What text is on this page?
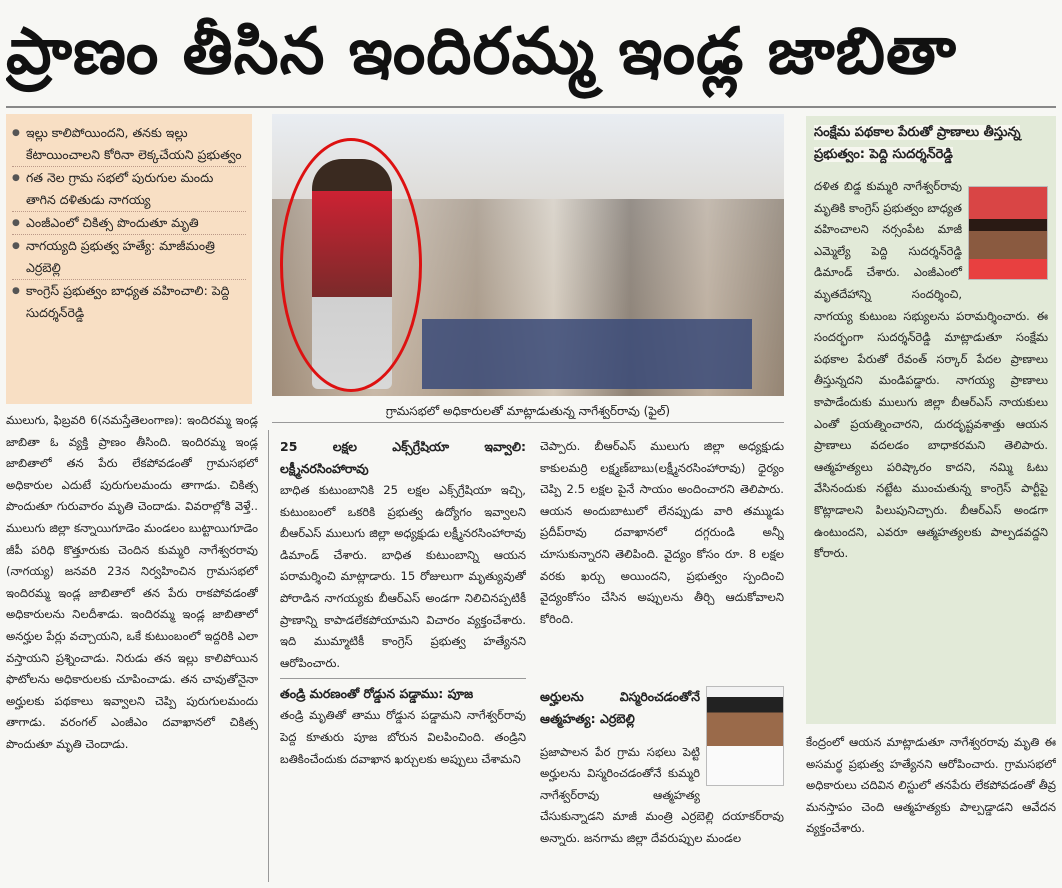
ప్రాణం తీసిన ఇందిరమ్మ ఇండ్ల జాబితా
● ఇల్లు కాలిపోయిందని, తనకు ఇల్లు కేటాయించాలని కోరినా లెక్కచేయని ప్రభుత్వం
● గత నెల గ్రామ సభలో పురుగుల మందు తాగిన దళితుడు నాగయ్య
● ఎంజీఎంలో చికిత్స పొందుతూ మృతి
● నాగయ్యది ప్రభుత్వ హత్యే: మాజీమంత్రి ఎర్రబెల్లి
● కాంగ్రెస్ ప్రభుత్వం బాధ్యత వహించాలి: పెద్ది సుదర్శన్‌రెడ్డి
గ్రామసభలో అధికారులతో మాట్లాడుతున్న నాగేశ్వర్‌రావు (ఫైల్)
సంక్షేమ పథకాల పేరుతో ప్రాణాలు తీస్తున్న ప్రభుత్వం: పెద్ది సుదర్శన్‌రెడ్డి
దళిత బిడ్డ కుమ్మరి నాగేశ్వర్‌రావు మృతికి కాంగ్రెస్ ప్రభుత్వం బాధ్యత వహించాలని నర్సంపేట మాజీ ఎమ్మెల్యే పెద్ది సుదర్శన్‌రెడ్డి డిమాండ్ చేశారు. ఎంజీఎంలో మృతదేహాన్ని సందర్శించి, నాగయ్య కుటుంబ సభ్యులను పరామర్శించారు. ఈ సందర్భంగా సుదర్శన్‌రెడ్డి మాట్లాడుతూ సంక్షేమ పథకాల పేరుతో రేవంత్ సర్కార్ పేదల ప్రాణాలు తీస్తున్నదని మండిపడ్డారు. నాగయ్య ప్రాణాలు కాపాడేందుకు ములుగు జిల్లా బీఆర్‌ఎస్ నాయకులు ఎంతో ప్రయత్నించారని, దురదృష్టవశాత్తు ఆయన ప్రాణాలు వదలడం బాధాకరమని తెలిపారు. ఆత్మహత్యలు పరిష్కారం కాదని, నమ్మి ఓటు వేసినందుకు నట్టేట ముంచుతున్న కాంగ్రెస్ పార్టీపై కొట్లాడాలని పిలుపునిచ్చారు. బీఆర్‌ఎస్ అండగా ఉంటుందని, ఎవరూ ఆత్మహత్యలకు పాల్పడవద్దని కోరారు.

ములుగు, ఫిబ్రవరి 6(నమస్తేతెలంగాణ): ఇందిరమ్మ ఇండ్ల జాబితా ఓ వ్యక్తి ప్రాణం తీసింది. ఇందిరమ్మ ఇండ్ల జాబితాలో తన పేరు లేకపోవడంతో గ్రామసభలో అధికారుల ఎదుటే పురుగులమందు తాగాడు. చికిత్స పొందుతూ గురువారం మృతి చెందాడు. వివరాల్లోకి వెళ్తే.. ములుగు జిల్లా కన్నాయిగూడెం మండలం బుట్టాయిగూడెం జీపీ పరిధి కొత్తూరుకు చెందిన కుమ్మరి నాగేశ్వరరావు (నాగయ్య) జనవరి 23న నిర్వహించిన గ్రామసభలో ఇందిరమ్మ ఇండ్ల జాబితాలో తన పేరు రాకపోవడంతో అధికారులను నిలదీశాడు. ఇందిరమ్మ ఇండ్ల జాబితాలో అనర్హుల పేర్లు వచ్చాయని, ఒకే కుటుంబంలో ఇద్దరికి ఎలా వస్తాయని ప్రశ్నించాడు. నిరుడు తన ఇల్లు కాలిపోయిన ఫొటోలను అధికారులకు చూపించాడు. తన చావుతోనైనా అర్హులకు పథకాలు ఇవ్వాలని చెప్పి పురుగులమందు తాగాడు. వరంగల్ ఎంజీఎం దవాఖానలో చికిత్స పొందుతూ మృతి చెందాడు.

25 లక్షల ఎక్స్‌గ్రేషియా ఇవ్వాలి: లక్ష్మీనరసింహారావు

బాధిత కుటుంబానికి 25 లక్షల ఎక్స్‌గ్రేషియా ఇచ్చి, కుటుంబంలో ఒకరికి ప్రభుత్వ ఉద్యోగం ఇవ్వాలని బీఆర్‌ఎస్ ములుగు జిల్లా అధ్యక్షుడు లక్ష్మీనరసింహారావు డిమాండ్ చేశారు. బాధిత కుటుంబాన్ని ఆయన పరామర్శించి మాట్లాడారు. 15 రోజులుగా మృత్యువుతో పోరాడిన నాగయ్యకు బీఆర్‌ఎస్ అండగా నిలిచినప్పటికీ ప్రాణాన్ని కాపాడలేకపోయామని విచారం వ్యక్తంచేశారు. ఇది ముమ్మాటికీ కాంగ్రెస్ ప్రభుత్వ హత్యేనని ఆరోపించారు.

తండ్రి మరణంతో రోడ్డున పడ్డాము: పూజ

తండ్రి మృతితో తాము రోడ్డున పడ్డామని నాగేశ్వర్‌రావు పెద్ద కూతురు పూజ బోరున విలపించింది. తండ్రిని బతికించేందుకు దవాఖాన ఖర్చులకు అప్పులు చేశామని

చెప్పారు. బీఆర్‌ఎస్ ములుగు జిల్లా అధ్యక్షుడు కాకులమర్రి లక్ష్మణ్‌బాబు(లక్ష్మీనరసింహారావు) ధైర్యం చెప్పి 2.5 లక్షల పైనే సాయం అందించారని తెలిపారు. ఆయన అందుబాటులో లేనప్పుడు వారి తమ్ముడు ప్రదీప్‌రావు దవాఖానలో దగ్గరుండి అన్నీ చూసుకున్నారని తెలిపింది. వైద్యం కోసం రూ. 8 లక్షల వరకు ఖర్చు అయిందని, ప్రభుత్వం స్పందించి వైద్యంకోసం చేసిన అప్పులను తీర్చి ఆదుకోవాలని కోరింది.

అర్హులను విస్మరించడంతోనే ఆత్మహత్య: ఎర్రబెల్లి

ప్రజాపాలన పేర గ్రామ సభలు పెట్టి అర్హులను విస్మరించడంతోనే కుమ్మరి నాగేశ్వర్‌రావు ఆత్మహత్య చేసుకున్నాడని మాజీ మంత్రి ఎర్రబెల్లి దయాకర్‌రావు అన్నారు. జనగామ జిల్లా దేవరుప్పుల మండల

కేంద్రంలో ఆయన మాట్లాడుతూ నాగేశ్వరరావు మృతి ఈ అసమర్థ ప్రభుత్వ హత్యేనని ఆరోపించారు. గ్రామసభలో అధికారులు చదివిన లిస్టులో తనపేరు లేకపోవడంతో తీవ్ర మనస్తాపం చెంది ఆత్మహత్యకు పాల్పడ్డాడని ఆవేదన వ్యక్తంచేశారు.
